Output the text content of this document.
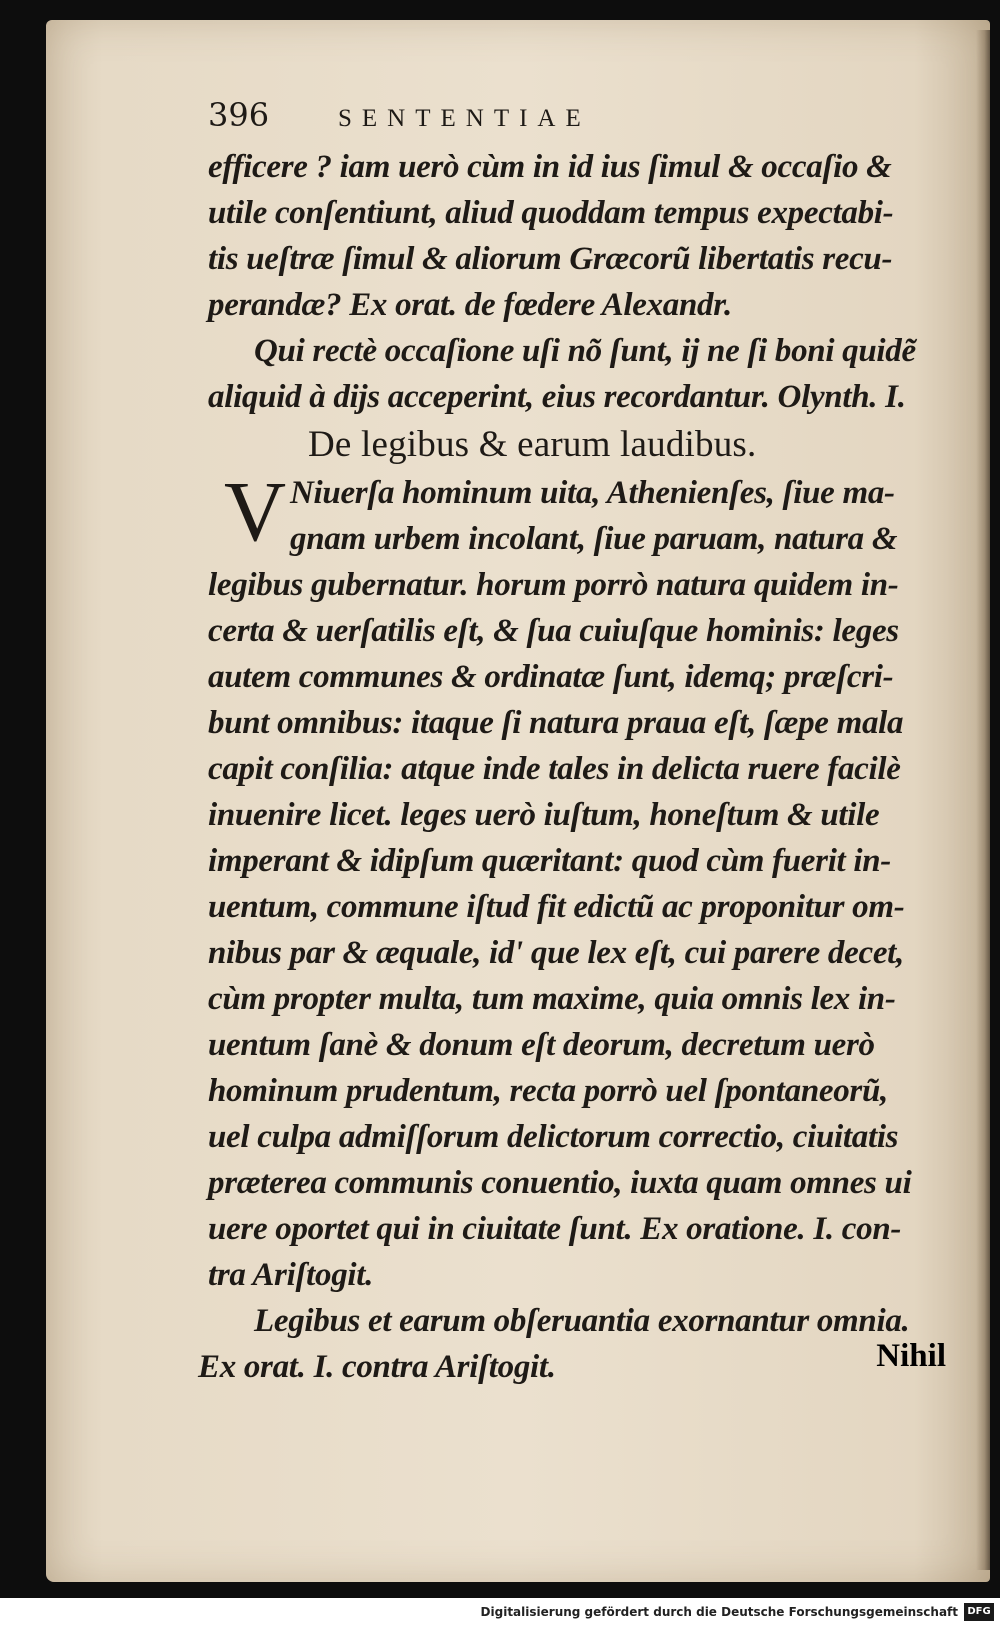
396	SENTENTIAE
efficere ? iam uerò cùm in id ius ſimul & occaſio &
utile conſentiunt, aliud quoddam tempus expectabi-
tis ueſtræ ſimul & aliorum Græcorũ libertatis recu-
perandæ? Ex orat. de fœdere Alexandr.
Qui rectè occaſione uſi nõ ſunt, ij ne ſi boni quidẽ
aliquid à dijs acceperint, eius recordantur. Olynth. I.
De legibus & earum laudibus.
V Niuerſa hominum uita, Athenienſes, ſiue ma-
gnam urbem incolant, ſiue paruam, natura &
legibus gubernatur. horum porrò natura quidem in-
certa & uerſatilis eſt, & ſua cuiuſque hominis: leges
autem communes & ordinatæ ſunt, idemq; præſcri-
bunt omnibus: itaque ſi natura praua eſt, ſæpe mala
capit conſilia: atque inde tales in delicta ruere facilè
inuenire licet. leges uerò iuſtum, honeſtum & utile
imperant & idipſum quæritant: quod cùm fuerit in-
uentum, commune iſtud fit edictũ ac proponitur om-
nibus par & æquale, id' que lex eſt, cui parere decet,
cùm propter multa, tum maxime, quia omnis lex in-
uentum ſanè & donum eſt deorum, decretum uerò
hominum prudentum, recta porrò uel ſpontaneorũ,
uel culpa admiſſorum delictorum correctio, ciuitatis
præterea communis conuentio, iuxta quam omnes ui
uere oportet qui in ciuitate ſunt. Ex oratione. I. con-
tra Ariſtogit.
Legibus et earum obſeruantia exornantur omnia.
Ex orat. I. contra Ariſtogit.	Nihil
Digitalisierung gefördert durch die Deutsche Forschungsgemeinschaft DFG
